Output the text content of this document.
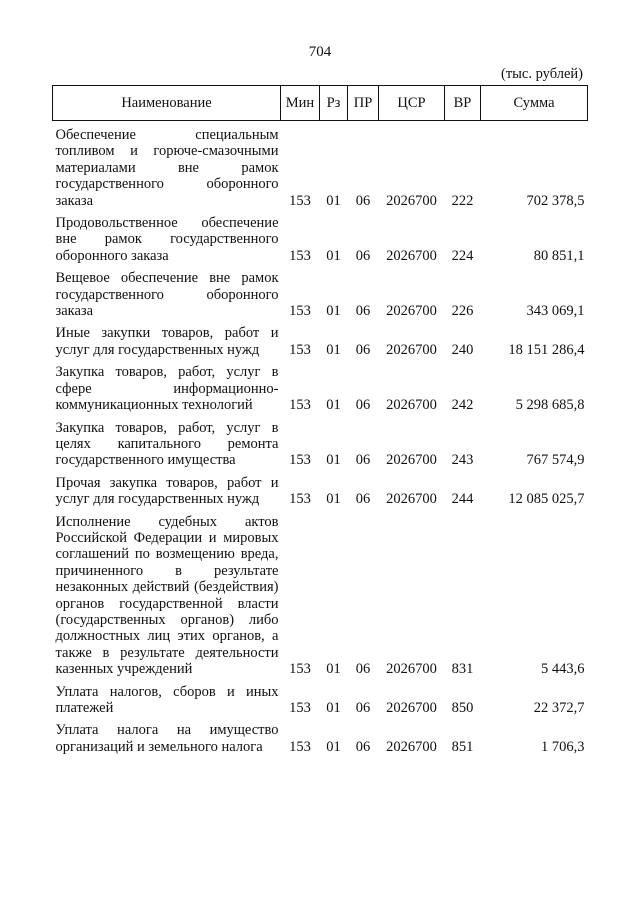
704
(тыс. рублей)
Наименование	Мин	Рз	ПР	ЦСР	ВР	Сумма
Обеспечение специальным топливом и горюче-смазочными материалами вне рамок государственного оборонного заказа	153	01	06	2026700	222	702 378,5
Продовольственное обеспечение вне рамок государственного оборонного заказа	153	01	06	2026700	224	80 851,1
Вещевое обеспечение вне рамок государственного оборонного заказа	153	01	06	2026700	226	343 069,1
Иные закупки товаров, работ и услуг для государственных нужд	153	01	06	2026700	240	18 151 286,4
Закупка товаров, работ, услуг в сфере информационно-коммуникационных технологий	153	01	06	2026700	242	5 298 685,8
Закупка товаров, работ, услуг в целях капитального ремонта государственного имущества	153	01	06	2026700	243	767 574,9
Прочая закупка товаров, работ и услуг для государственных нужд	153	01	06	2026700	244	12 085 025,7
Исполнение судебных актов Российской Федерации и мировых соглашений по возмещению вреда, причиненного в результате незаконных действий (бездействия) органов государственной власти (государственных органов) либо должностных лиц этих органов, а также в результате деятельности казенных учреждений	153	01	06	2026700	831	5 443,6
Уплата налогов, сборов и иных платежей	153	01	06	2026700	850	22 372,7
Уплата налога на имущество организаций и земельного налога	153	01	06	2026700	851	1 706,3
